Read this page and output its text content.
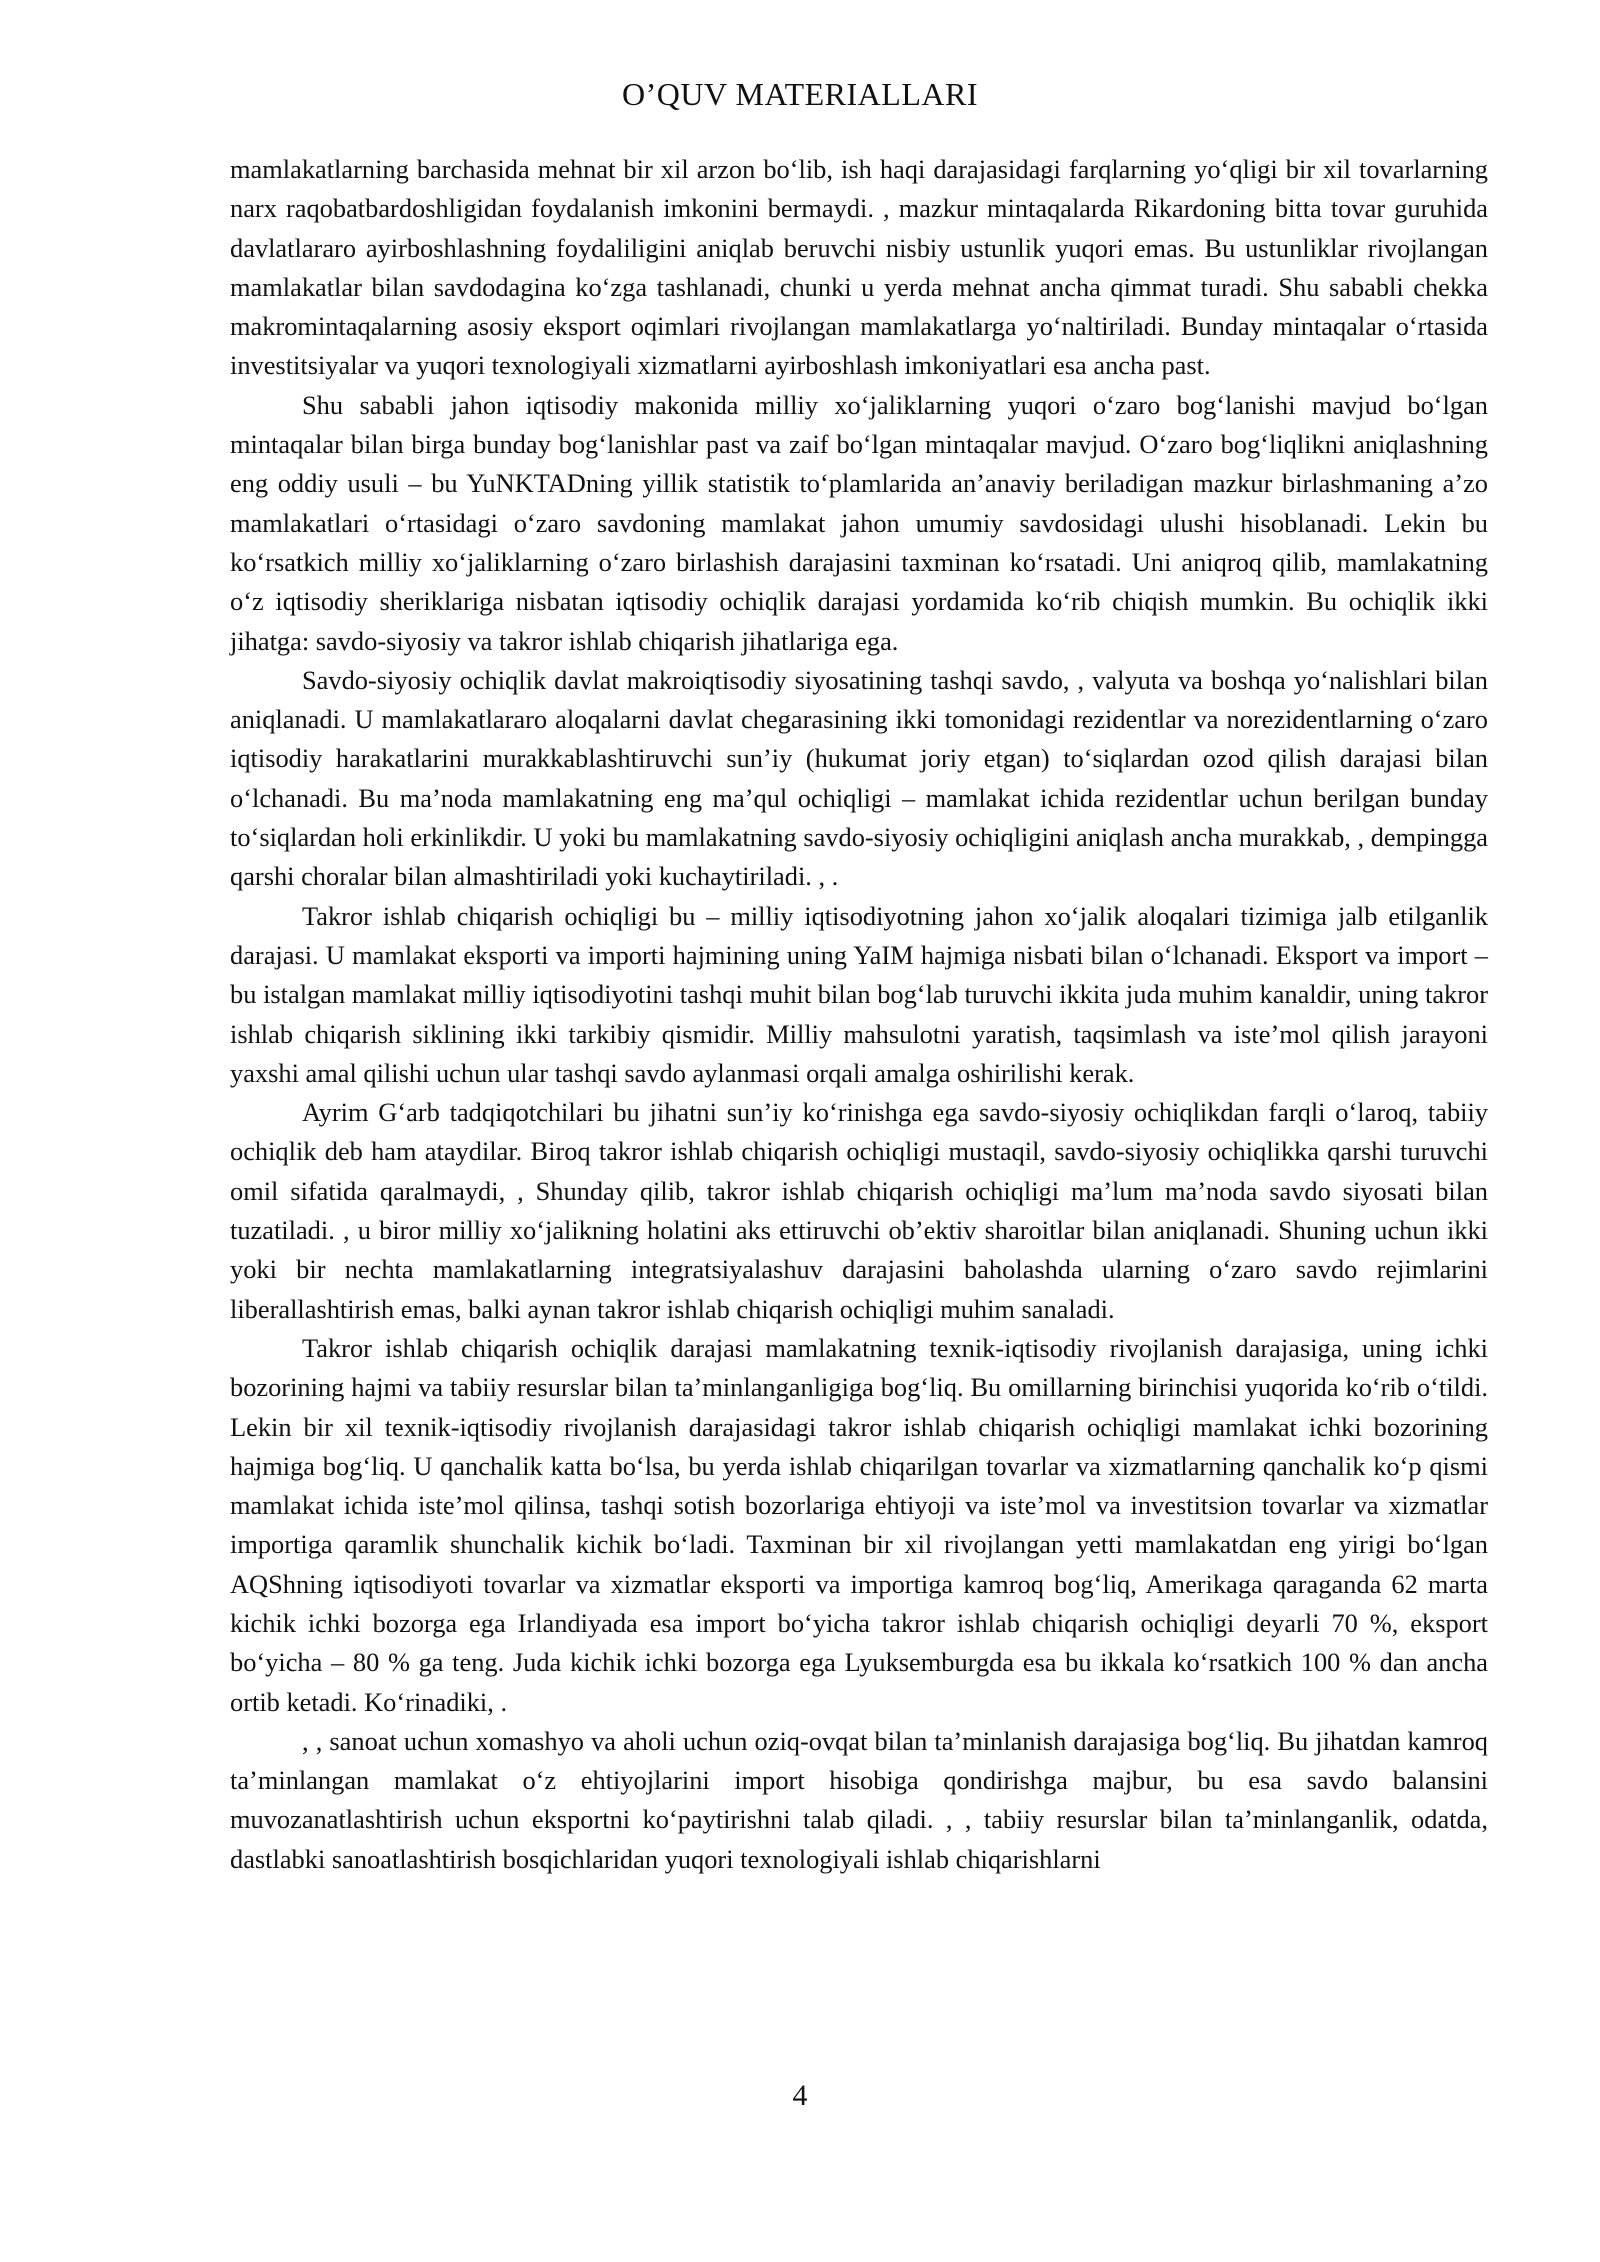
O’QUV MATERIALLARI

mamlakatlarning barchasida mehnat bir xil arzon bo‘lib, ish haqi darajasidagi farqlarning yo‘qligi bir xil tovarlarning narx raqobatbardoshligidan foydalanish imkonini bermaydi. , mazkur mintaqalarda Rikardoning bitta tovar guruhida davlatlararo ayirboshlashning foydaliligini aniqlab beruvchi nisbiy ustunlik yuqori emas. Bu ustunliklar rivojlangan mamlakatlar bilan savdodagina ko‘zga tashlanadi, chunki u yerda mehnat ancha qimmat turadi. Shu sababli chekka makromintaqalarning asosiy eksport oqimlari rivojlangan mamlakatlarga yo‘naltiriladi. Bunday mintaqalar o‘rtasida investitsiyalar va yuqori texnologiyali xizmatlarni ayirboshlash imkoniyatlari esa ancha past.

Shu sababli jahon iqtisodiy makonida milliy xo‘jaliklarning yuqori o‘zaro bog‘lanishi mavjud bo‘lgan mintaqalar bilan birga bunday bog‘lanishlar past va zaif bo‘lgan mintaqalar mavjud. O‘zaro bog‘liqlikni aniqlashning eng oddiy usuli – bu YuNKTADning yillik statistik to‘plamlarida an’anaviy beriladigan mazkur birlashmaning a’zo mamlakatlari o‘rtasidagi o‘zaro savdoning mamlakat jahon umumiy savdosidagi ulushi hisoblanadi. Lekin bu ko‘rsatkich milliy xo‘jaliklarning o‘zaro birlashish darajasini taxminan ko‘rsatadi. Uni aniqroq qilib, mamlakatning o‘z iqtisodiy sheriklariga nisbatan iqtisodiy ochiqlik darajasi yordamida ko‘rib chiqish mumkin. Bu ochiqlik ikki jihatga: savdo-siyosiy va takror ishlab chiqarish jihatlariga ega.

Savdo-siyosiy ochiqlik davlat makroiqtisodiy siyosatining tashqi savdo, , valyuta va boshqa yo‘nalishlari bilan aniqlanadi. U mamlakatlararo aloqalarni davlat chegarasining ikki tomonidagi rezidentlar va norezidentlarning o‘zaro iqtisodiy harakatlarini murakkablashtiruvchi sun’iy (hukumat joriy etgan) to‘siqlardan ozod qilish darajasi bilan o‘lchanadi. Bu ma’noda mamlakatning eng ma’qul ochiqligi – mamlakat ichida rezidentlar uchun berilgan bunday to‘siqlardan holi erkinlikdir. U yoki bu mamlakatning savdo-siyosiy ochiqligini aniqlash ancha murakkab, , dempingga qarshi choralar bilan almashtiriladi yoki kuchaytiriladi. , .

Takror ishlab chiqarish ochiqligi bu – milliy iqtisodiyotning jahon xo‘jalik aloqalari tizimiga jalb etilganlik darajasi. U mamlakat eksporti va importi hajmining uning YaIM hajmiga nisbati bilan o‘lchanadi. Eksport va import – bu istalgan mamlakat milliy iqtisodiyotini tashqi muhit bilan bog‘lab turuvchi ikkita juda muhim kanaldir, uning takror ishlab chiqarish siklining ikki tarkibiy qismidir. Milliy mahsulotni yaratish, taqsimlash va iste’mol qilish jarayoni yaxshi amal qilishi uchun ular tashqi savdo aylanmasi orqali amalga oshirilishi kerak.

Ayrim G‘arb tadqiqotchilari bu jihatni sun’iy ko‘rinishga ega savdo-siyosiy ochiqlikdan farqli o‘laroq, tabiiy ochiqlik deb ham ataydilar. Biroq takror ishlab chiqarish ochiqligi mustaqil, savdo-siyosiy ochiqlikka qarshi turuvchi omil sifatida qaralmaydi, , Shunday qilib, takror ishlab chiqarish ochiqligi ma’lum ma’noda savdo siyosati bilan tuzatiladi. , u biror milliy xo‘jalikning holatini aks ettiruvchi ob’ektiv sharoitlar bilan aniqlanadi. Shuning uchun ikki yoki bir nechta mamlakatlarning integratsiyalashuv darajasini baholashda ularning o‘zaro savdo rejimlarini liberallashtirish emas, balki aynan takror ishlab chiqarish ochiqligi muhim sanaladi.

Takror ishlab chiqarish ochiqlik darajasi mamlakatning texnik-iqtisodiy rivojlanish darajasiga, uning ichki bozorining hajmi va tabiiy resurslar bilan ta’minlanganligiga bog‘liq. Bu omillarning birinchisi yuqorida ko‘rib o‘tildi. Lekin bir xil texnik-iqtisodiy rivojlanish darajasidagi takror ishlab chiqarish ochiqligi mamlakat ichki bozorining hajmiga bog‘liq. U qanchalik katta bo‘lsa, bu yerda ishlab chiqarilgan tovarlar va xizmatlarning qanchalik ko‘p qismi mamlakat ichida iste’mol qilinsa, tashqi sotish bozorlariga ehtiyoji va iste’mol va investitsion tovarlar va xizmatlar importiga qaramlik shunchalik kichik bo‘ladi. Taxminan bir xil rivojlangan yetti mamlakatdan eng yirigi bo‘lgan AQShning iqtisodiyoti tovarlar va xizmatlar eksporti va importiga kamroq bog‘liq, Amerikaga qaraganda 62 marta kichik ichki bozorga ega Irlandiyada esa import bo‘yicha takror ishlab chiqarish ochiqligi deyarli 70 %, eksport bo‘yicha – 80 % ga teng. Juda kichik ichki bozorga ega Lyuksemburgda esa bu ikkala ko‘rsatkich 100 % dan ancha ortib ketadi. Ko‘rinadiki, .

, , sanoat uchun xomashyo va aholi uchun oziq-ovqat bilan ta’minlanish darajasiga bog‘liq. Bu jihatdan kamroq ta’minlangan mamlakat o‘z ehtiyojlarini import hisobiga qondirishga majbur, bu esa savdo balansini muvozanatlashtirish uchun eksportni ko‘paytirishni talab qiladi. , , tabiiy resurslar bilan ta’minlanganlik, odatda, dastlabki sanoatlashtirish bosqichlaridan yuqori texnologiyali ishlab chiqarishlarni

4
